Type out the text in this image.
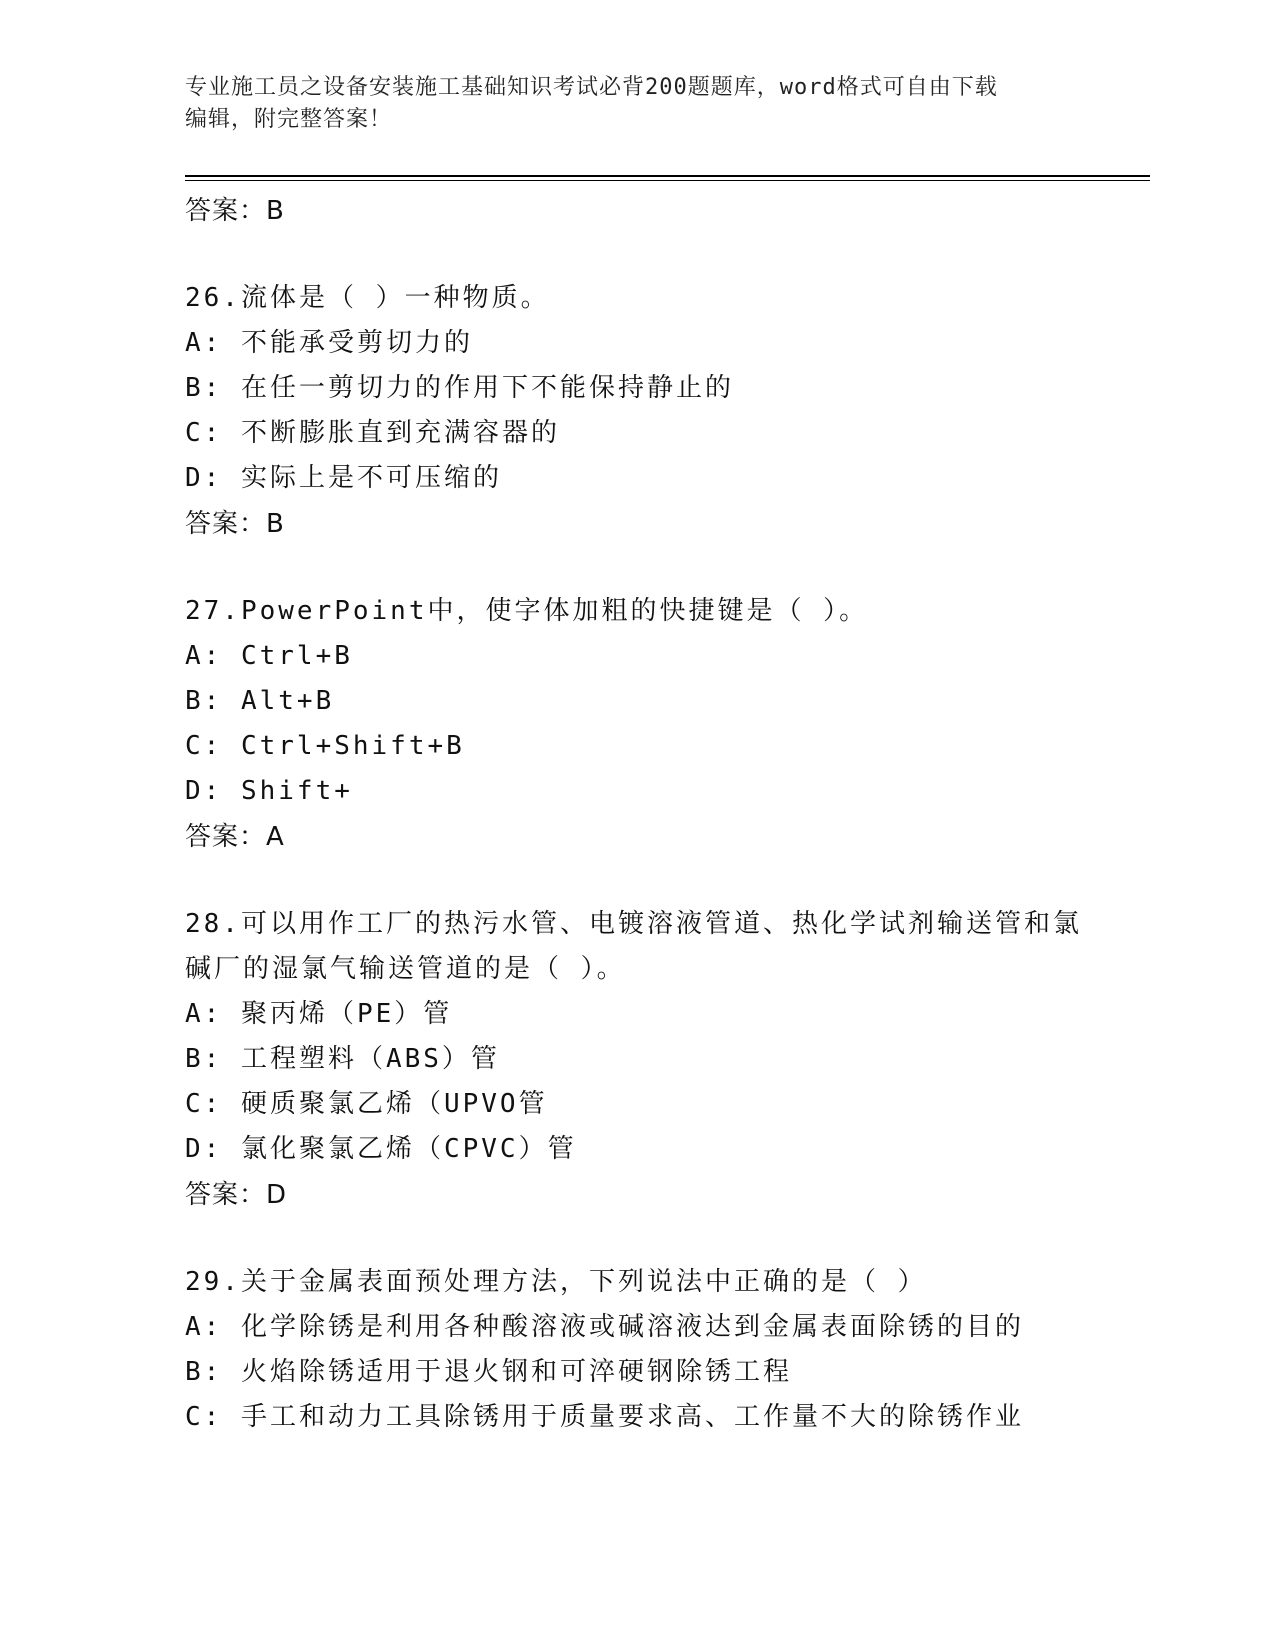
专业施工员之设备安装施工基础知识考试必背200题题库，word格式可自由下载
编辑，附完整答案！

答案：B

26.流体是（ ）一种物质。

A: 不能承受剪切力的

B: 在任一剪切力的作用下不能保持静止的

C: 不断膨胀直到充满容器的

D: 实际上是不可压缩的

答案：B

27.PowerPoint中，使字体加粗的快捷键是（ ）。

A: Ctrl+B

B: Alt+B

C: Ctrl+Shift+B

D: Shift+

答案：A

28.可以用作工厂的热污水管、电镀溶液管道、热化学试剂输送管和氯

碱厂的湿氯气输送管道的是（ ）。

A: 聚丙烯（PE）管

B: 工程塑料（ABS）管

C: 硬质聚氯乙烯（UPVO管

D: 氯化聚氯乙烯（CPVC）管

答案：D

29.关于金属表面预处理方法，下列说法中正确的是（ ）

A: 化学除锈是利用各种酸溶液或碱溶液达到金属表面除锈的目的

B: 火焰除锈适用于退火钢和可淬硬钢除锈工程

C: 手工和动力工具除锈用于质量要求高、工作量不大的除锈作业
